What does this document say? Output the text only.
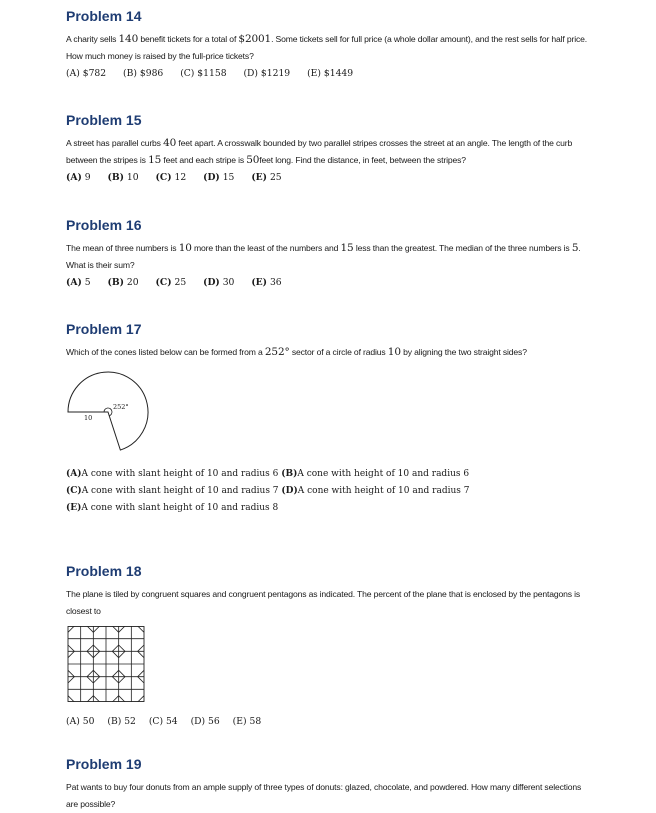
Problem 14

A charity sells 140 benefit tickets for a total of $2001. Some tickets sell for full price (a whole dollar amount), and the rest sells for half price. How much money is raised by the full-price tickets?

(A) $782 (B) $986 (C) $1158 (D) $1219 (E) $1449
Problem 15

A street has parallel curbs 40 feet apart. A crosswalk bounded by two parallel stripes crosses the street at an angle. The length of the curb between the stripes is 15 feet and each stripe is 50feet long. Find the distance, in feet, between the stripes?

(A) 9 (B) 10 (C) 12 (D) 15 (E) 25
Problem 16

The mean of three numbers is 10 more than the least of the numbers and 15 less than the greatest. The median of the three numbers is 5. What is their sum?

(A) 5 (B) 20 (C) 25 (D) 30 (E) 36
Problem 17

Which of the cones listed below can be formed from a 252° sector of a circle of radius 10 by aligning the two straight sides?

252°
10
(A)A cone with slant height of 10 and radius 6 (B)A cone with height of 10 and radius 6
(C)A cone with slant height of 10 and radius 7 (D)A cone with height of 10 and radius 7
(E)A cone with slant height of 10 and radius 8
Problem 18

The plane is tiled by congruent squares and congruent pentagons as indicated. The percent of the plane that is enclosed by the pentagons is closest to

(A) 50 (B) 52 (C) 54 (D) 56 (E) 58
Problem 19

Pat wants to buy four donuts from an ample supply of three types of donuts: glazed, chocolate, and powdered. How many different selections are possible?
